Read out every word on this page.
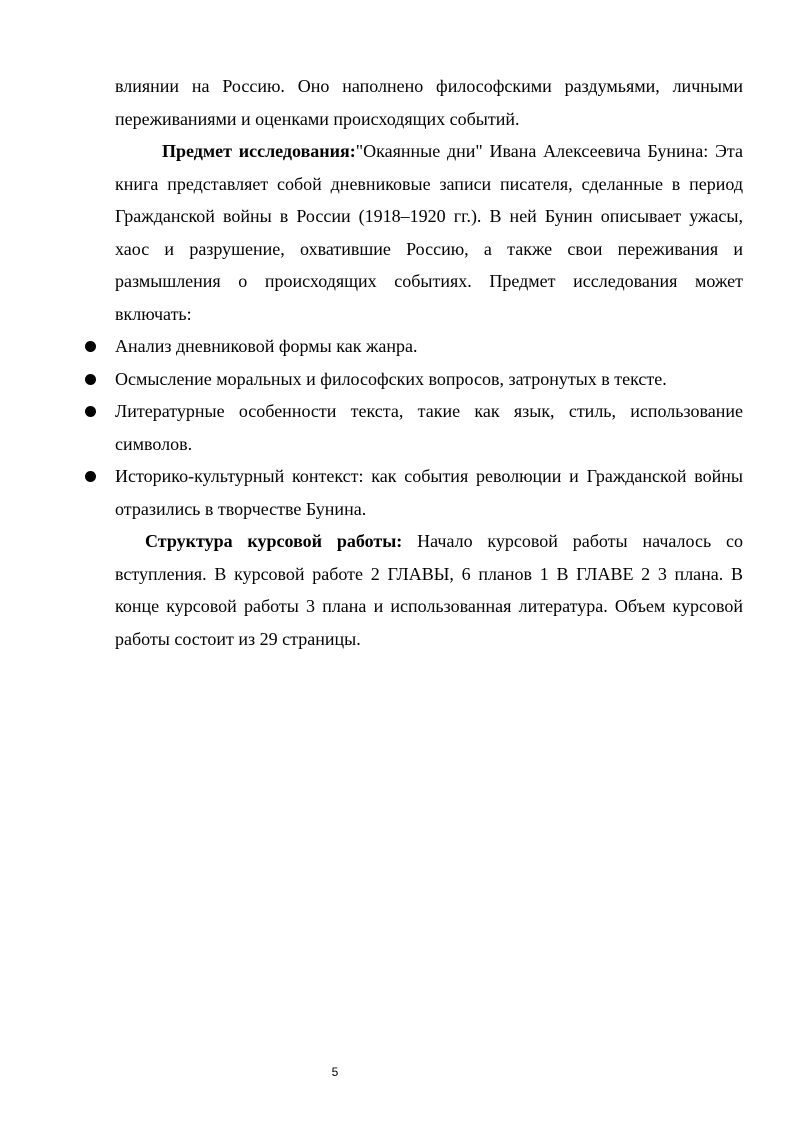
влиянии на Россию. Оно наполнено философскими раздумьями, личными переживаниями и оценками происходящих событий.

Предмет исследования:"Окаянные дни" Ивана Алексеевича Бунина: Эта книга представляет собой дневниковые записи писателя, сделанные в период Гражданской войны в России (1918–1920 гг.). В ней Бунин описывает ужасы, хаос и разрушение, охватившие Россию, а также свои переживания и размышления о происходящих событиях. Предмет исследования может включать:

Анализ дневниковой формы как жанра.
Осмысление моральных и философских вопросов, затронутых в тексте.
Литературные особенности текста, такие как язык, стиль, использование символов.
Историко-культурный контекст: как события революции и Гражданской войны отразились в творчестве Бунина.

Структура курсовой работы: Начало курсовой работы началось со вступления. В курсовой работе 2 ГЛАВЫ, 6 планов 1 В ГЛАВЕ 2 3 плана. В конце курсовой работы 3 плана и использованная литература. Объем курсовой работы состоит из 29 страницы.

5
